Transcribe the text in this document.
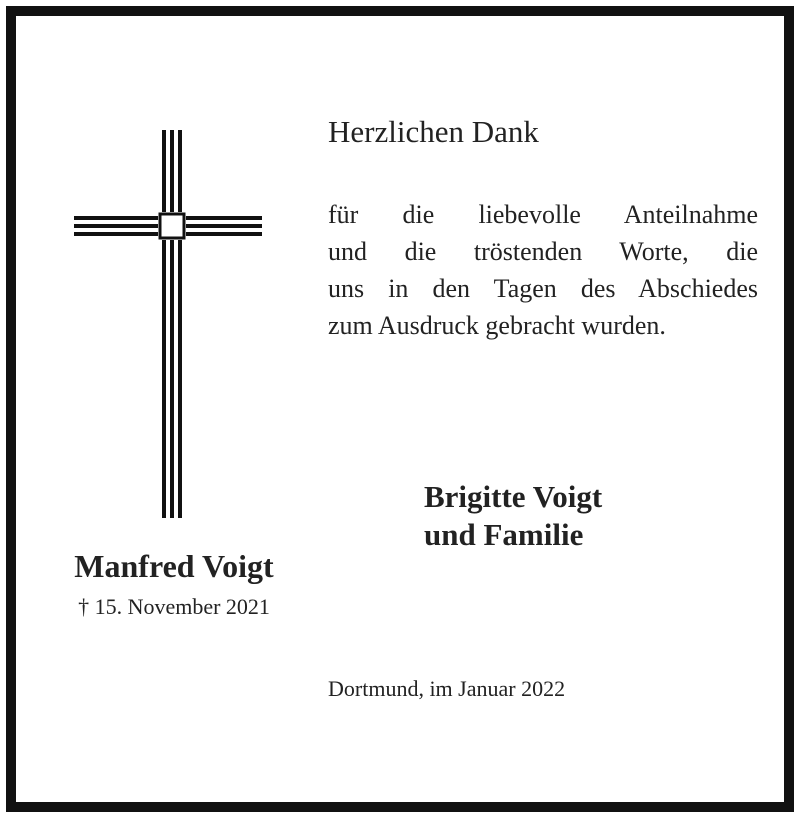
Manfred Voigt
† 15. November 2021
Herzlichen Dank
für die liebevolle Anteilnahme
und die tröstenden Worte, die
uns in den Tagen des Abschiedes
zum Ausdruck gebracht wurden.
Brigitte Voigt
und Familie
Dortmund, im Januar 2022
